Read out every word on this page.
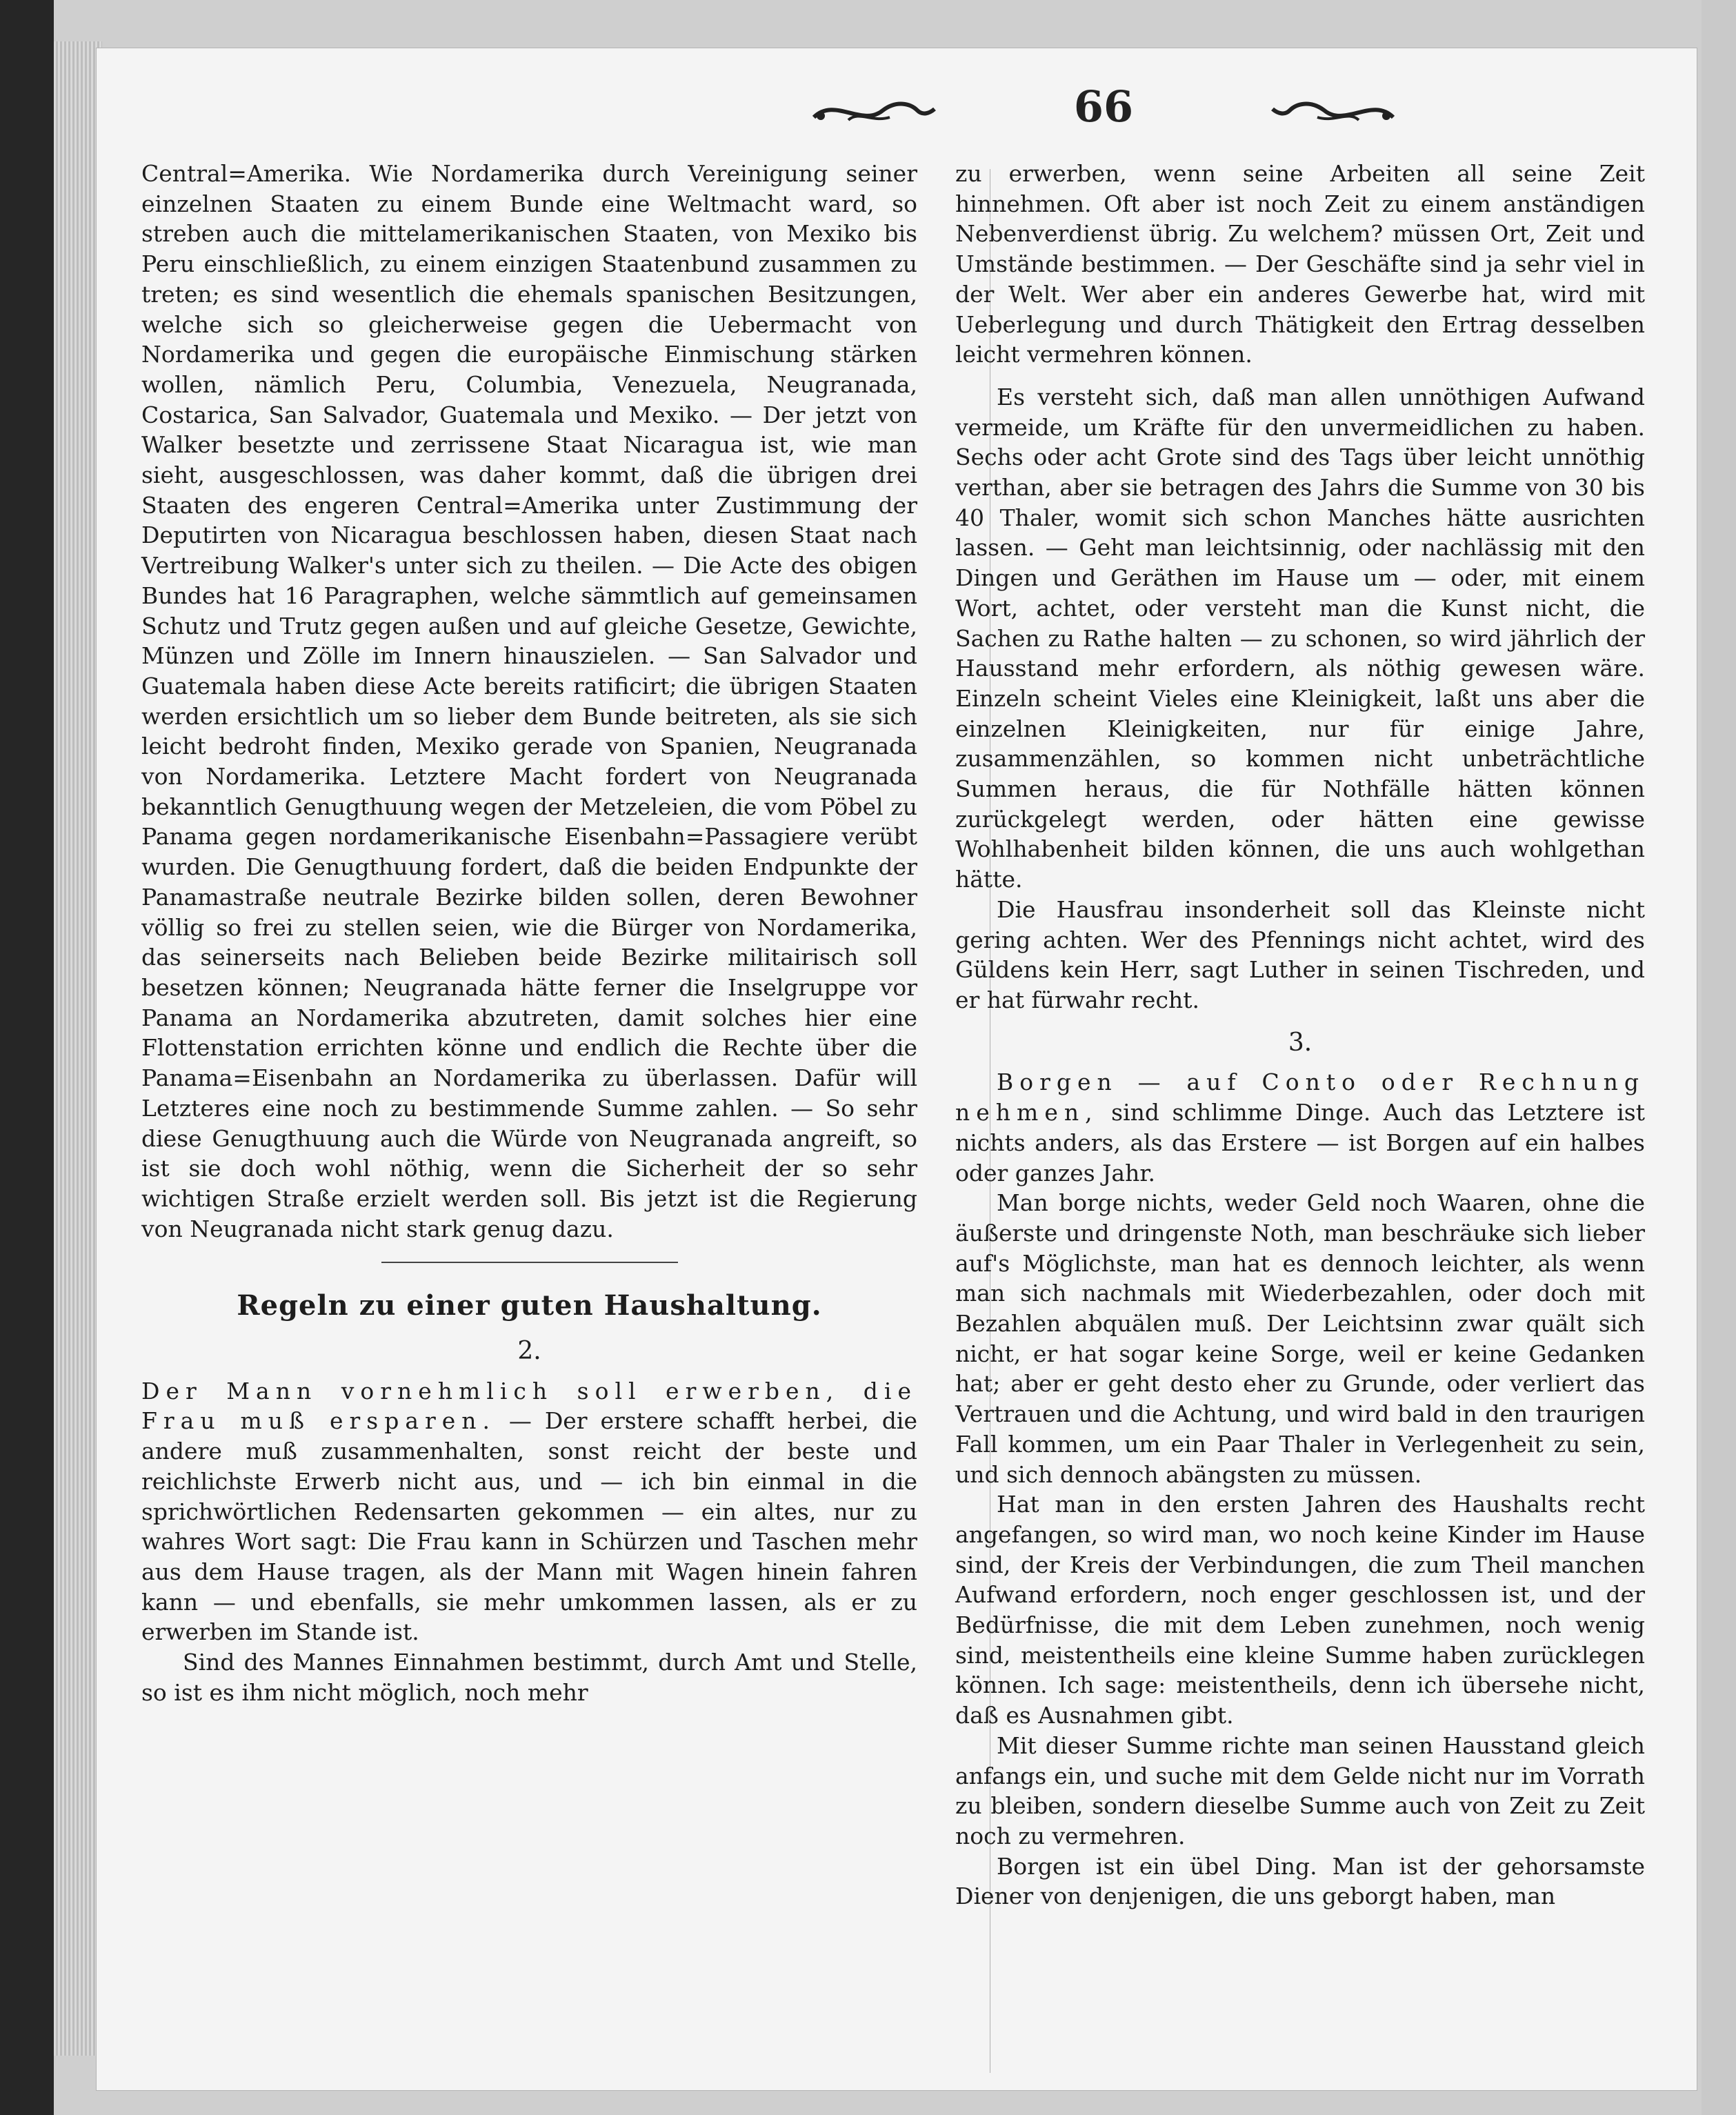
66

Central=Amerika. Wie Nordamerika durch Vereinigung seiner einzelnen Staaten zu einem Bunde eine Weltmacht ward, so streben auch die mittelamerikanischen Staaten, von Mexiko bis Peru einschließlich, zu einem einzigen Staatenbund zusammen zu treten; es sind wesentlich die ehemals spanischen Besitzungen, welche sich so gleicherweise gegen die Uebermacht von Nordamerika und gegen die europäische Einmischung stärken wollen, nämlich Peru, Columbia, Venezuela, Neugranada, Costarica, San Salvador, Guatemala und Mexiko. — Der jetzt von Walker besetzte und zerrissene Staat Nicaragua ist, wie man sieht, ausgeschlossen, was daher kommt, daß die übrigen drei Staaten des engeren Central=Amerika unter Zustimmung der Deputirten von Nicaragua beschlossen haben, diesen Staat nach Vertreibung Walker's unter sich zu theilen. — Die Acte des obigen Bundes hat 16 Paragraphen, welche sämmtlich auf gemeinsamen Schutz und Trutz gegen außen und auf gleiche Gesetze, Gewichte, Münzen und Zölle im Innern hinauszielen. — San Salvador und Guatemala haben diese Acte bereits ratificirt; die übrigen Staaten werden ersichtlich um so lieber dem Bunde beitreten, als sie sich leicht bedroht finden, Mexiko gerade von Spanien, Neugranada von Nordamerika. Letztere Macht fordert von Neugranada bekanntlich Genugthuung wegen der Metzeleien, die vom Pöbel zu Panama gegen nordamerikanische Eisenbahn=Passagiere verübt wurden. Die Genugthuung fordert, daß die beiden Endpunkte der Panamastraße neutrale Bezirke bilden sollen, deren Bewohner völlig so frei zu stellen seien, wie die Bürger von Nordamerika, das seinerseits nach Belieben beide Bezirke militairisch soll besetzen können; Neugranada hätte ferner die Inselgruppe vor Panama an Nordamerika abzutreten, damit solches hier eine Flottenstation errichten könne und endlich die Rechte über die Panama=Eisenbahn an Nordamerika zu überlassen. Dafür will Letzteres eine noch zu bestimmende Summe zahlen. — So sehr diese Genugthuung auch die Würde von Neugranada angreift, so ist sie doch wohl nöthig, wenn die Sicherheit der so sehr wichtigen Straße erzielt werden soll. Bis jetzt ist die Regierung von Neugranada nicht stark genug dazu.

Regeln zu einer guten Haushaltung.
2.

Der Mann vornehmlich soll erwerben, die Frau muß ersparen. — Der erstere schafft herbei, die andere muß zusammenhalten, sonst reicht der beste und reichlichste Erwerb nicht aus, und — ich bin einmal in die sprichwörtlichen Redensarten gekommen — ein altes, nur zu wahres Wort sagt: Die Frau kann in Schürzen und Taschen mehr aus dem Hause tragen, als der Mann mit Wagen hinein fahren kann — und ebenfalls, sie mehr umkommen lassen, als er zu erwerben im Stande ist.

Sind des Mannes Einnahmen bestimmt, durch Amt und Stelle, so ist es ihm nicht möglich, noch mehr

zu erwerben, wenn seine Arbeiten all seine Zeit hinnehmen. Oft aber ist noch Zeit zu einem anständigen Nebenverdienst übrig. Zu welchem? müssen Ort, Zeit und Umstände bestimmen. — Der Geschäfte sind ja sehr viel in der Welt. Wer aber ein anderes Gewerbe hat, wird mit Ueberlegung und durch Thätigkeit den Ertrag desselben leicht vermehren können.

Es versteht sich, daß man allen unnöthigen Aufwand vermeide, um Kräfte für den unvermeidlichen zu haben. Sechs oder acht Grote sind des Tags über leicht unnöthig verthan, aber sie betragen des Jahrs die Summe von 30 bis 40 Thaler, womit sich schon Manches hätte ausrichten lassen. — Geht man leichtsinnig, oder nachlässig mit den Dingen und Geräthen im Hause um — oder, mit einem Wort, achtet, oder versteht man die Kunst nicht, die Sachen zu Rathe halten — zu schonen, so wird jährlich der Hausstand mehr erfordern, als nöthig gewesen wäre. Einzeln scheint Vieles eine Kleinigkeit, laßt uns aber die einzelnen Kleinigkeiten, nur für einige Jahre, zusammenzählen, so kommen nicht unbeträchtliche Summen heraus, die für Nothfälle hätten können zurückgelegt werden, oder hätten eine gewisse Wohlhabenheit bilden können, die uns auch wohlgethan hätte.

Die Hausfrau insonderheit soll das Kleinste nicht gering achten. Wer des Pfennings nicht achtet, wird des Güldens kein Herr, sagt Luther in seinen Tischreden, und er hat fürwahr recht.

3.

Borgen — auf Conto oder Rechnung nehmen, sind schlimme Dinge. Auch das Letztere ist nichts anders, als das Erstere — ist Borgen auf ein halbes oder ganzes Jahr.

Man borge nichts, weder Geld noch Waaren, ohne die äußerste und dringenste Noth, man beschräuke sich lieber auf's Möglichste, man hat es dennoch leichter, als wenn man sich nachmals mit Wiederbezahlen, oder doch mit Bezahlen abquälen muß. Der Leichtsinn zwar quält sich nicht, er hat sogar keine Sorge, weil er keine Gedanken hat; aber er geht desto eher zu Grunde, oder verliert das Vertrauen und die Achtung, und wird bald in den traurigen Fall kommen, um ein Paar Thaler in Verlegenheit zu sein, und sich dennoch abängsten zu müssen.

Hat man in den ersten Jahren des Haushalts recht angefangen, so wird man, wo noch keine Kinder im Hause sind, der Kreis der Verbindungen, die zum Theil manchen Aufwand erfordern, noch enger geschlossen ist, und der Bedürfnisse, die mit dem Leben zunehmen, noch wenig sind, meistentheils eine kleine Summe haben zurücklegen können. Ich sage: meistentheils, denn ich übersehe nicht, daß es Ausnahmen gibt.

Mit dieser Summe richte man seinen Hausstand gleich anfangs ein, und suche mit dem Gelde nicht nur im Vorrath zu bleiben, sondern dieselbe Summe auch von Zeit zu Zeit noch zu vermehren.

Borgen ist ein übel Ding. Man ist der gehorsamste Diener von denjenigen, die uns geborgt haben, man
